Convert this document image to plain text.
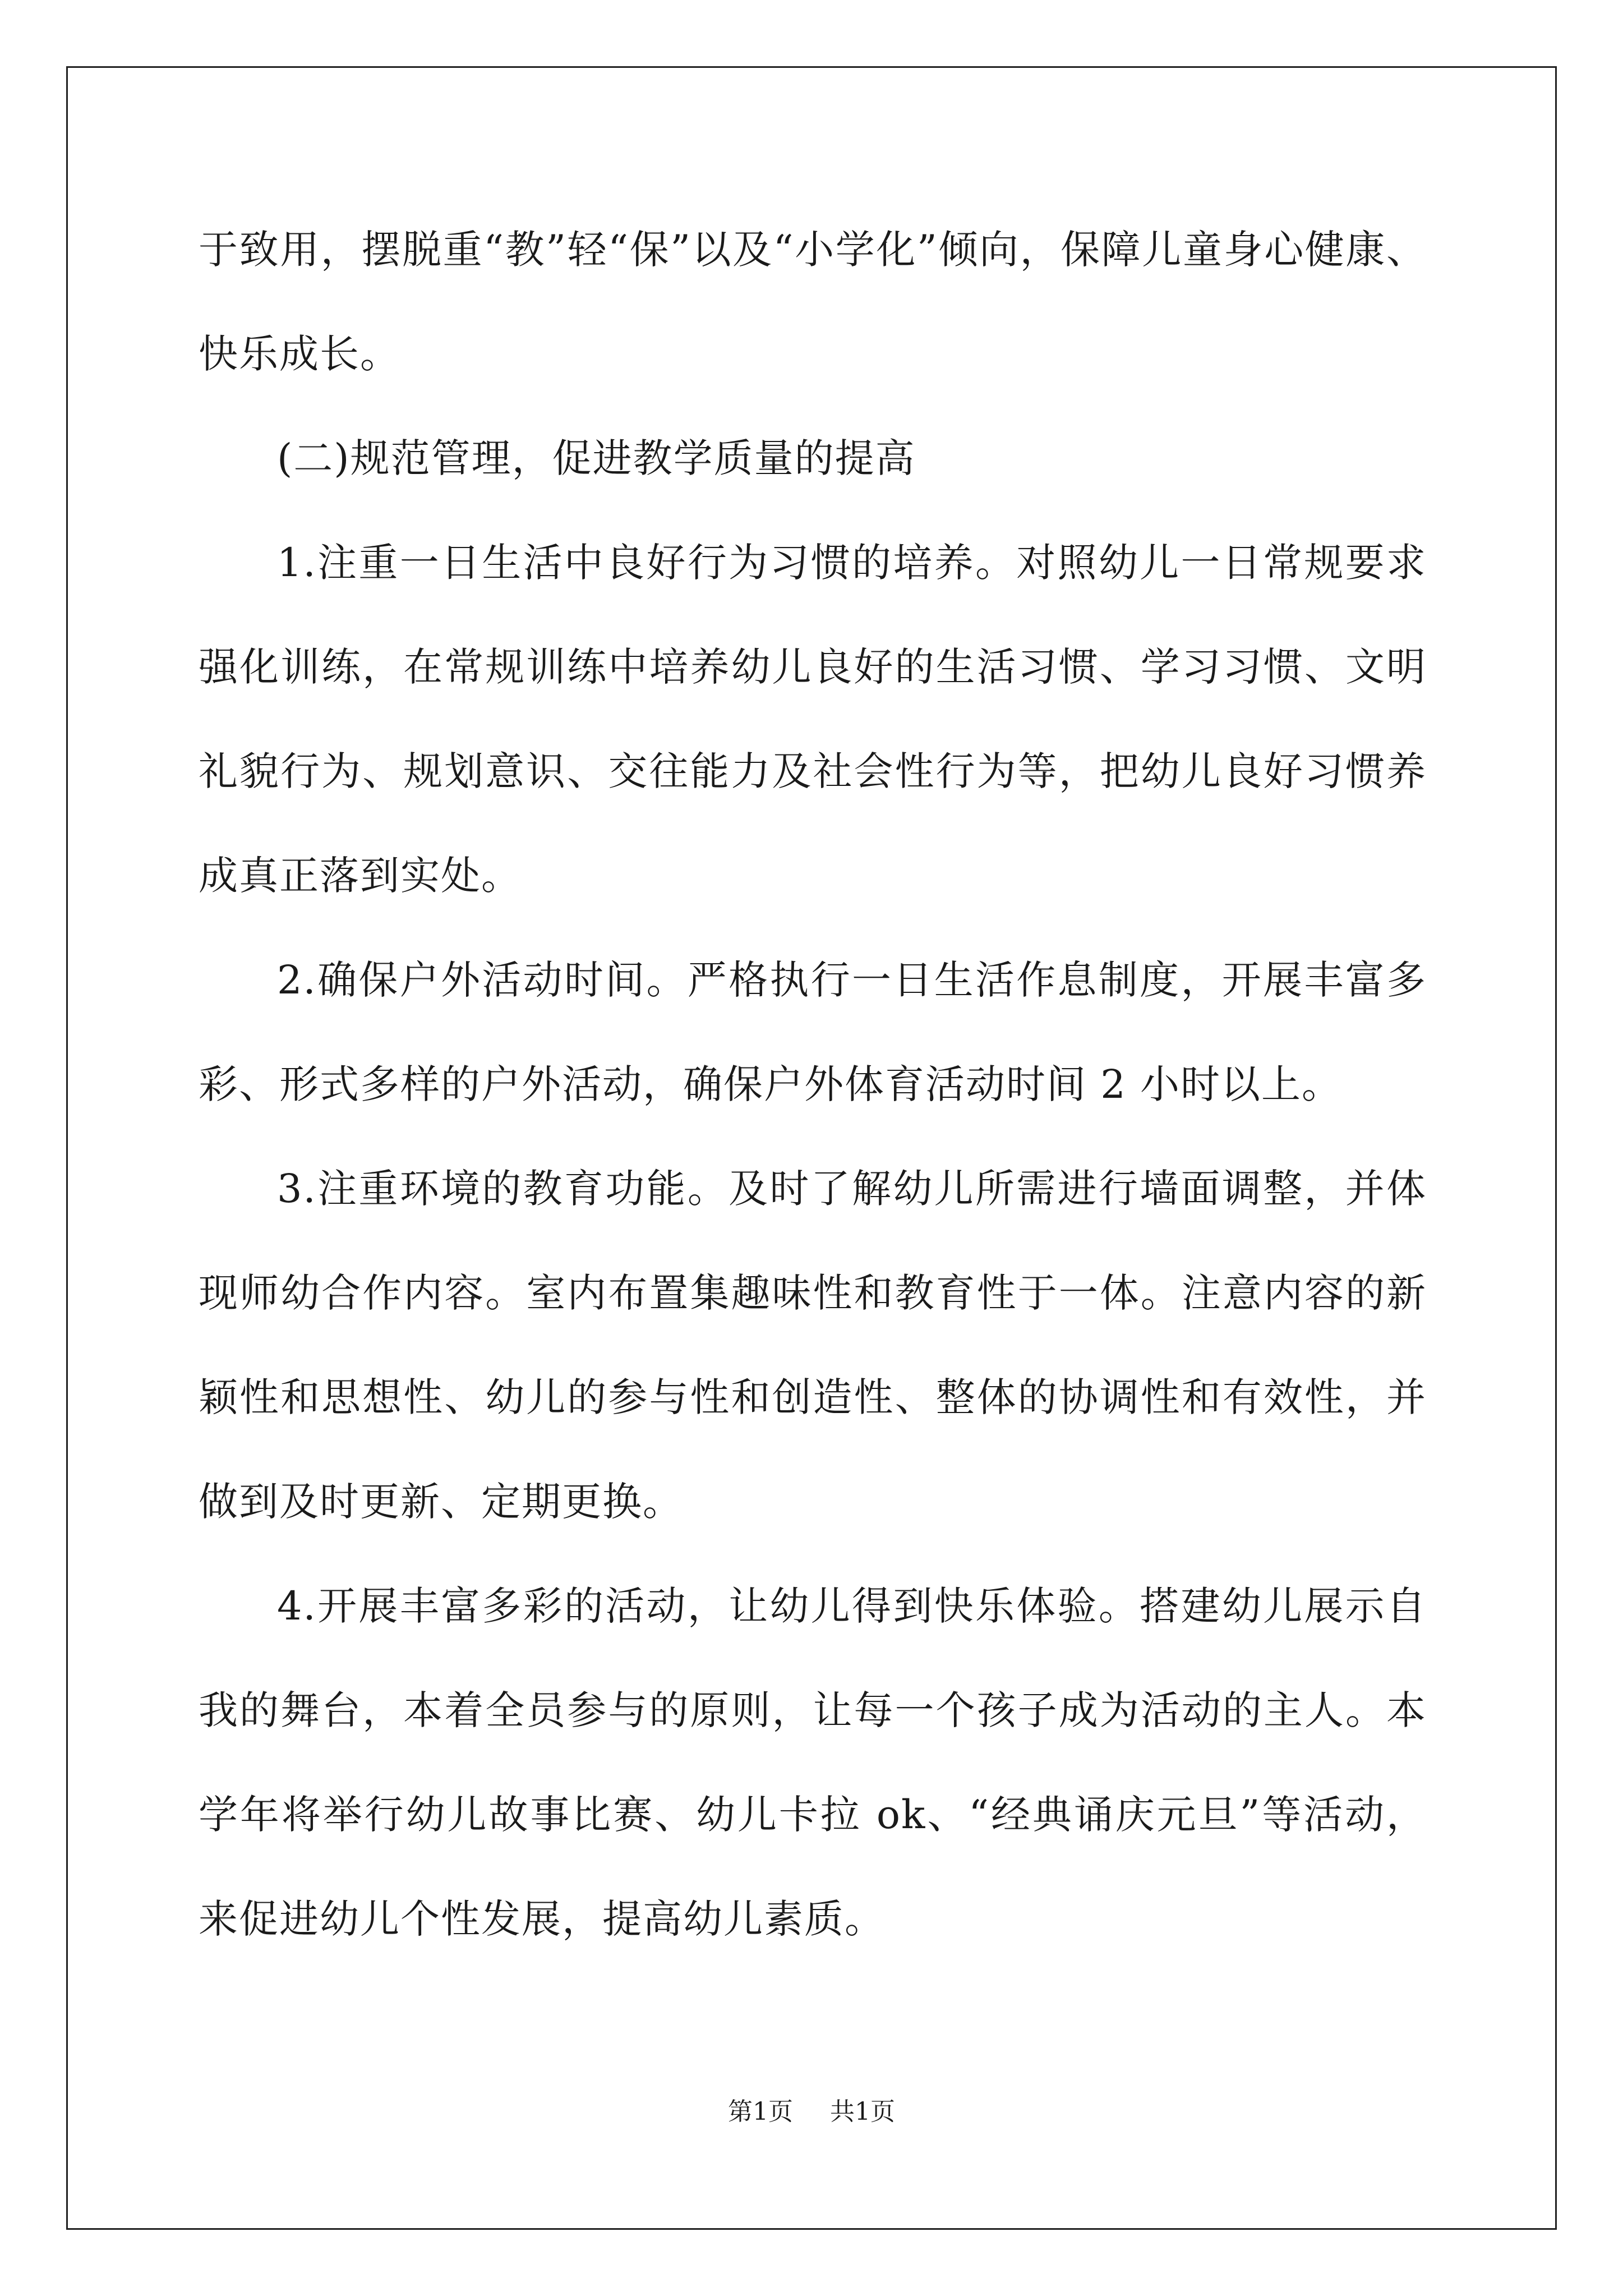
于致用，摆脱重“教”轻“保”以及“小学化”倾向，保障儿童身心健康、快乐成长。

(二)规范管理，促进教学质量的提高

1.注重一日生活中良好行为习惯的培养。对照幼儿一日常规要求强化训练，在常规训练中培养幼儿良好的生活习惯、学习习惯、文明礼貌行为、规划意识、交往能力及社会性行为等，把幼儿良好习惯养成真正落到实处。

2.确保户外活动时间。严格执行一日生活作息制度，开展丰富多彩、形式多样的户外活动，确保户外体育活动时间 2 小时以上。

3.注重环境的教育功能。及时了解幼儿所需进行墙面调整，并体现师幼合作内容。室内布置集趣味性和教育性于一体。注意内容的新颖性和思想性、幼儿的参与性和创造性、整体的协调性和有效性，并做到及时更新、定期更换。

4.开展丰富多彩的活动，让幼儿得到快乐体验。搭建幼儿展示自我的舞台，本着全员参与的原则，让每一个孩子成为活动的主人。本学年将举行幼儿故事比赛、幼儿卡拉 ok、“经典诵庆元旦”等活动，来促进幼儿个性发展，提高幼儿素质。

第1页 共1页
